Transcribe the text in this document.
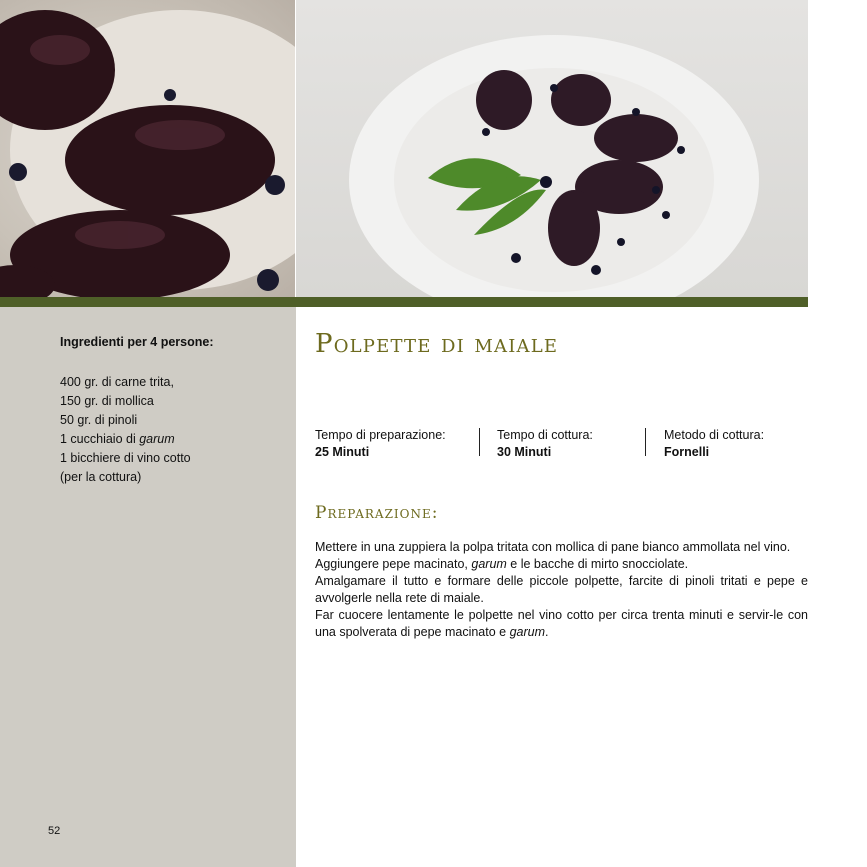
Ingredienti per 4 persone:
400 gr. di carne trita,
150 gr. di mollica
50 gr. di pinoli
1 cucchiaio di garum
1 bicchiere di vino cotto
(per la cottura)
52
Polpette di maiale
Tempo di preparazione:
25 Minuti
Tempo di cottura:
30 Minuti
Metodo di cottura:
Fornelli
Preparazione:

Mettere in una zuppiera la polpa tritata con mollica di pane bianco ammollata nel vino.

Aggiungere pepe macinato, garum e le bacche di mirto snocciolate.

Amalgamare il tutto e formare delle piccole polpette, farcite di pinoli tritati e pepe e avvolgerle nella rete di maiale.

Far cuocere lentamente le polpette nel vino cotto per circa trenta minuti e servir-le con una spolverata di pepe macinato e garum.
